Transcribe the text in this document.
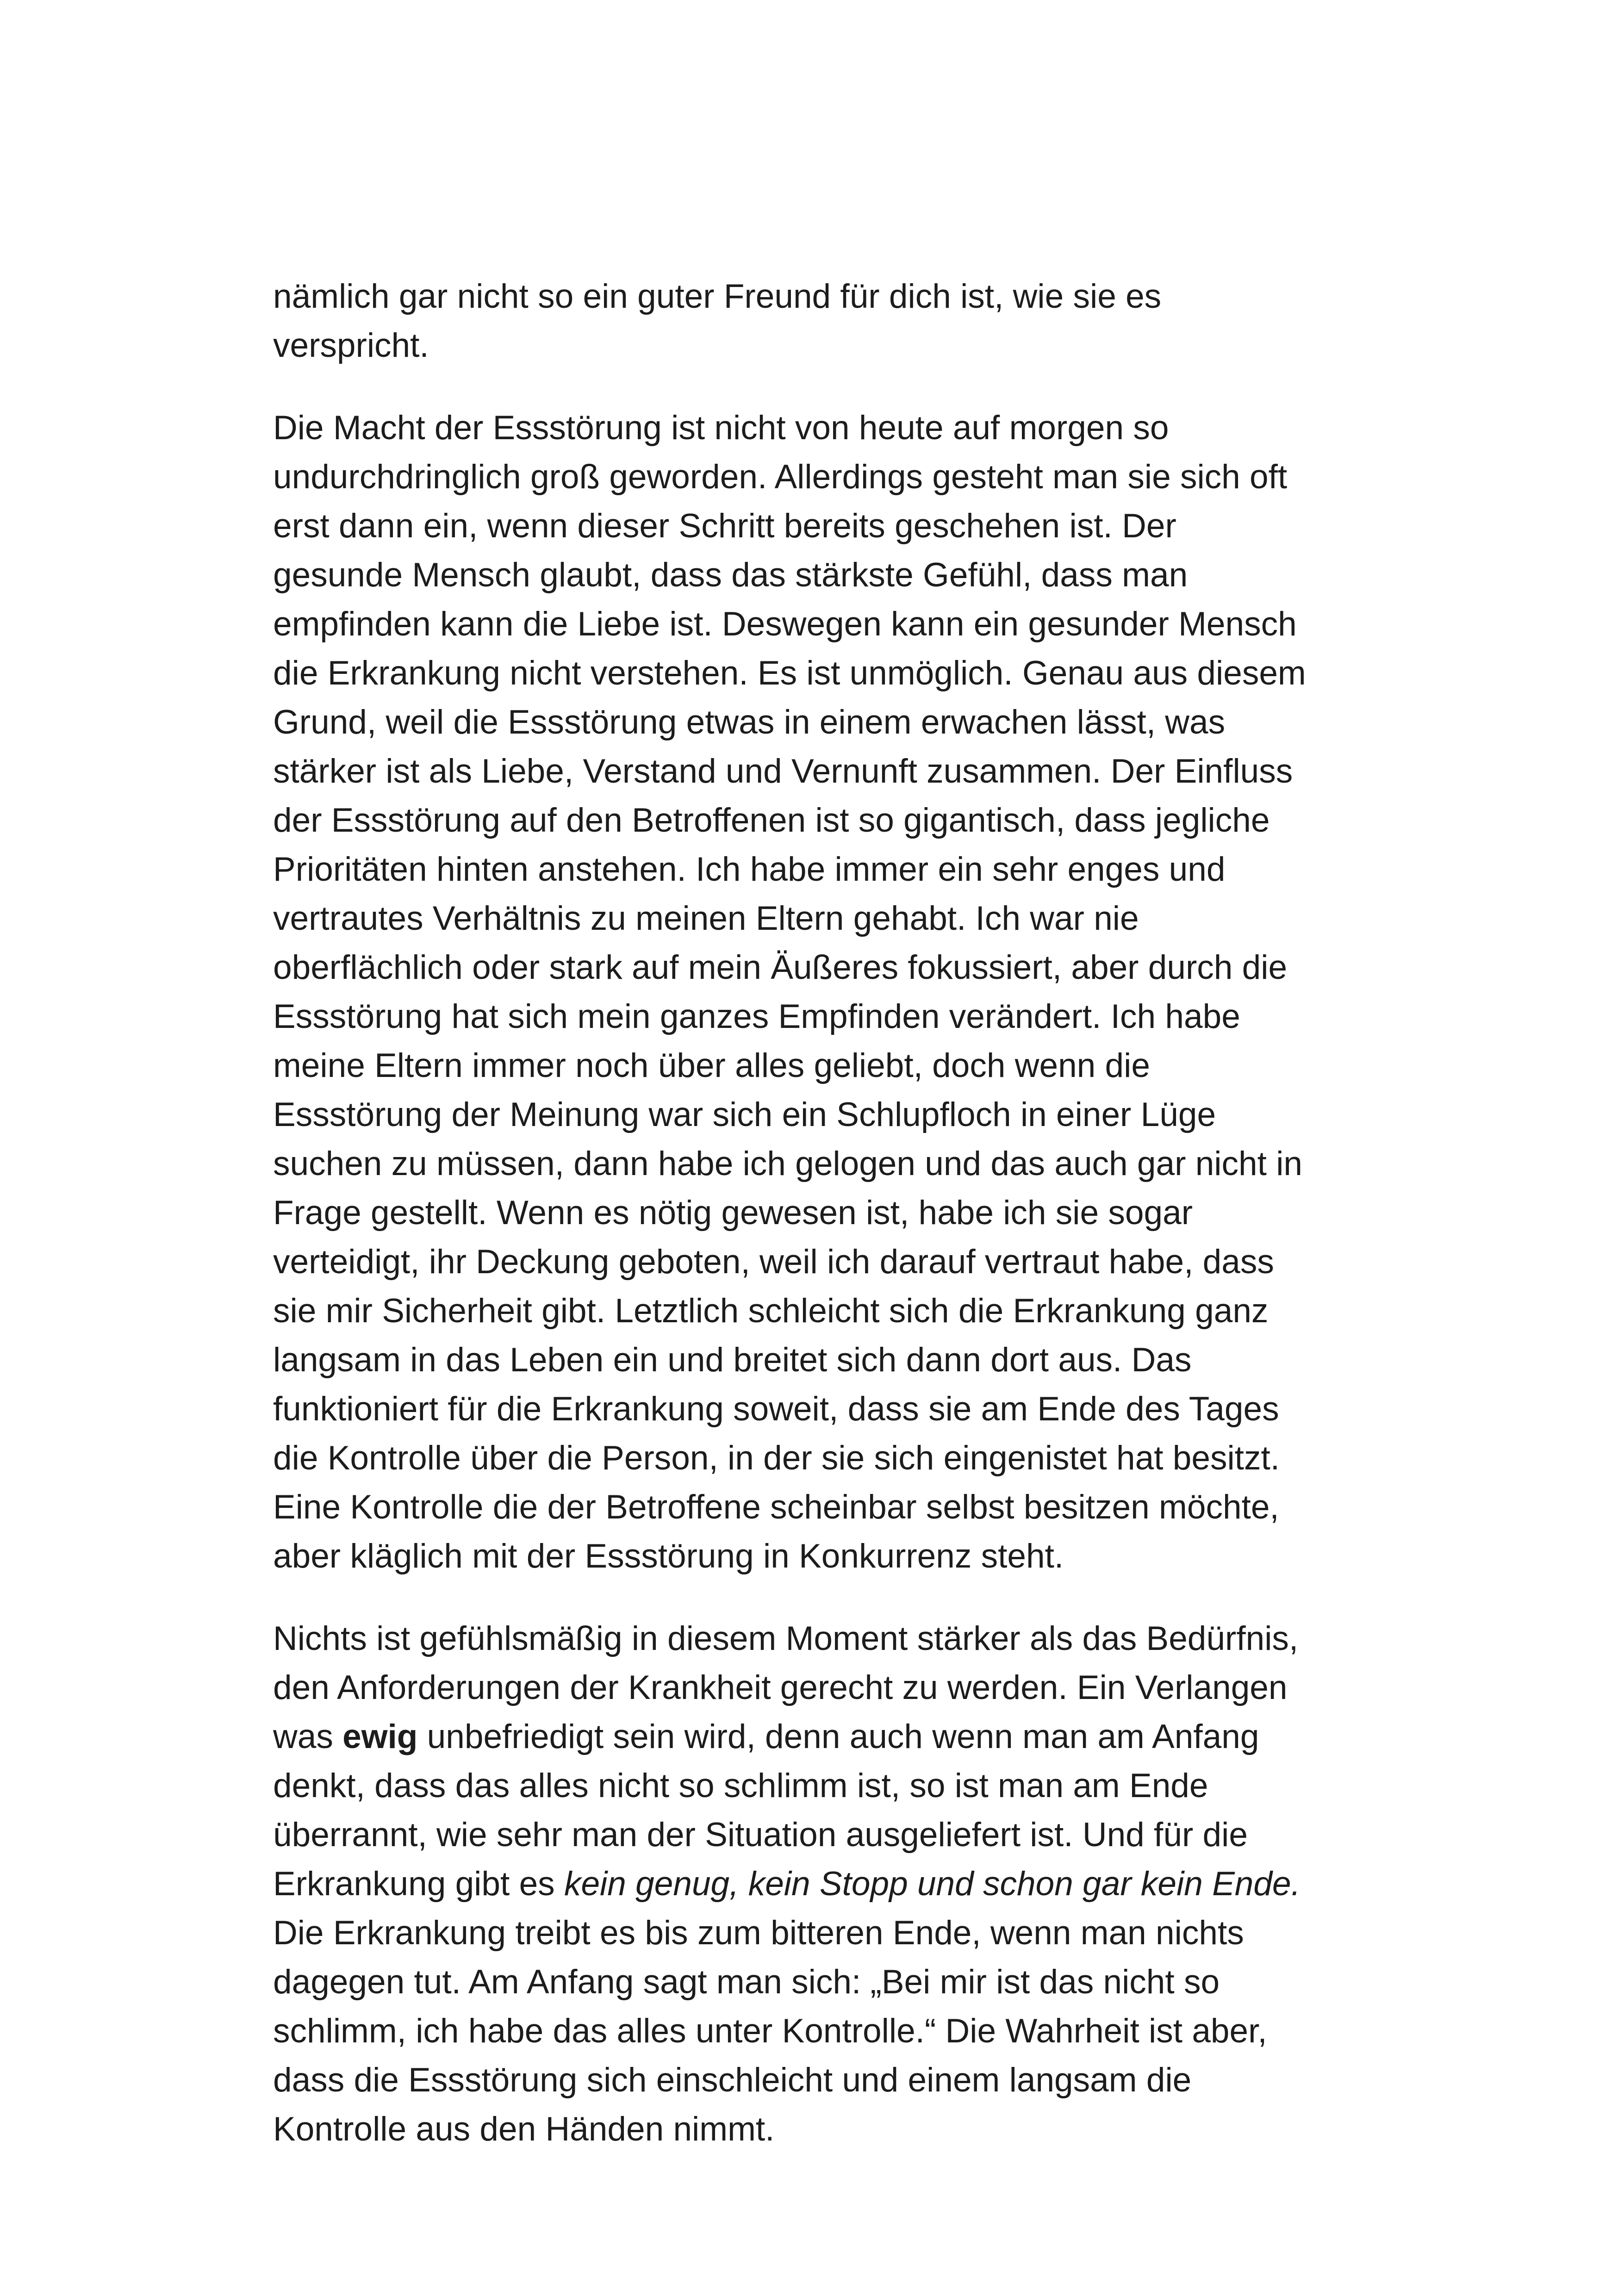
nämlich gar nicht so ein guter Freund für dich ist, wie sie es
verspricht.

Die Macht der Essstörung ist nicht von heute auf morgen so
undurchdringlich groß geworden. Allerdings gesteht man sie sich oft
erst dann ein, wenn dieser Schritt bereits geschehen ist. Der
gesunde Mensch glaubt, dass das stärkste Gefühl, dass man
empfinden kann die Liebe ist. Deswegen kann ein gesunder Mensch
die Erkrankung nicht verstehen. Es ist unmöglich. Genau aus diesem
Grund, weil die Essstörung etwas in einem erwachen lässt, was
stärker ist als Liebe, Verstand und Vernunft zusammen. Der Einfluss
der Essstörung auf den Betroffenen ist so gigantisch, dass jegliche
Prioritäten hinten anstehen. Ich habe immer ein sehr enges und
vertrautes Verhältnis zu meinen Eltern gehabt. Ich war nie
oberflächlich oder stark auf mein Äußeres fokussiert, aber durch die
Essstörung hat sich mein ganzes Empfinden verändert. Ich habe
meine Eltern immer noch über alles geliebt, doch wenn die
Essstörung der Meinung war sich ein Schlupfloch in einer Lüge
suchen zu müssen, dann habe ich gelogen und das auch gar nicht in
Frage gestellt. Wenn es nötig gewesen ist, habe ich sie sogar
verteidigt, ihr Deckung geboten, weil ich darauf vertraut habe, dass
sie mir Sicherheit gibt. Letztlich schleicht sich die Erkrankung ganz
langsam in das Leben ein und breitet sich dann dort aus. Das
funktioniert für die Erkrankung soweit, dass sie am Ende des Tages
die Kontrolle über die Person, in der sie sich eingenistet hat besitzt.
Eine Kontrolle die der Betroffene scheinbar selbst besitzen möchte,
aber kläglich mit der Essstörung in Konkurrenz steht.

Nichts ist gefühlsmäßig in diesem Moment stärker als das Bedürfnis,
den Anforderungen der Krankheit gerecht zu werden. Ein Verlangen
was ewig unbefriedigt sein wird, denn auch wenn man am Anfang
denkt, dass das alles nicht so schlimm ist, so ist man am Ende
überrannt, wie sehr man der Situation ausgeliefert ist. Und für die
Erkrankung gibt es kein genug, kein Stopp und schon gar kein Ende.
Die Erkrankung treibt es bis zum bitteren Ende, wenn man nichts
dagegen tut. Am Anfang sagt man sich: „Bei mir ist das nicht so
schlimm, ich habe das alles unter Kontrolle.“ Die Wahrheit ist aber,
dass die Essstörung sich einschleicht und einem langsam die
Kontrolle aus den Händen nimmt.
